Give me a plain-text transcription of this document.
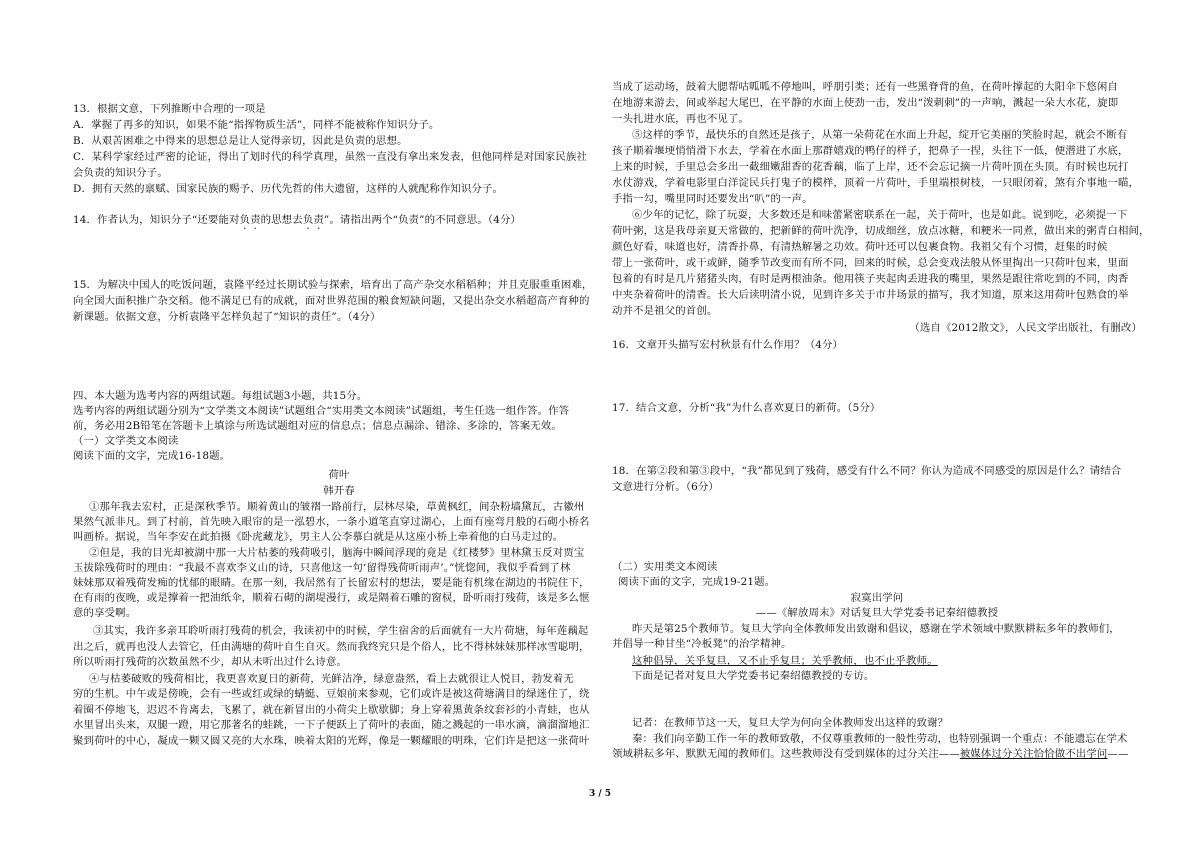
13．根据文意，下列推断中合理的一项是
A．掌握了再多的知识，如果不能“指挥物质生活”，同样不能被称作知识分子。
B．从艰苦困难之中得来的思想总是让人觉得亲切，因此是负责的思想。
C．某科学家经过严密的论证，得出了划时代的科学真理，虽然一直没有拿出来发表，但他同样是对国家民族社
会负责的知识分子。
D．拥有天然的禀赋、国家民族的赐予、历代先哲的伟大遗留，这样的人就配称作知识分子。
14．作者认为，知识分子“还要能对负责的思想去负责”。请指出两个“负责”的不同意思。（4分）
15．为解决中国人的吃饭问题，袁隆平经过长期试验与探索，培育出了高产杂交水稻稻种；并且克服重重困难，
向全国大面积推广杂交稻。他不满足已有的成就，面对世界范围的粮食短缺问题，又提出杂交水稻超高产育种的
新课题。依据文意，分析袁隆平怎样负起了“知识的责任”。（4分）
四、本大题为选考内容的两组试题。每组试题3小题，共15分。
选考内容的两组试题分别为“文学类文本阅读”试题组合“实用类文本阅读”试题组，考生任选一组作答。作答
前，务必用2B铅笔在答题卡上填涂与所选试题组对应的信息点；信息点漏涂、错涂、多涂的，答案无效。
（一）文学类文本阅读
阅读下面的文字，完成16-18题。
荷叶
韩开春
①那年我去宏村，正是深秋季节。顺着黄山的皱褶一路前行，层林尽染，草黄枫红，间杂粉墙黛瓦，古徽州
果然气派非凡。到了村前，首先映入眼帘的是一泓碧水，一条小道笔直穿过湖心，上面有座弯月般的石砌小桥名
叫画桥。据说，当年李安在此拍摄《卧虎藏龙》，男主人公李慕白就是从这座小桥上牵着他的白马走过的。
②但是，我的目光却被湖中那一大片枯萎的残荷吸引，脑海中瞬间浮现的竟是《红楼梦》里林黛玉反对贾宝
玉拔除残荷时的理由：“我最不喜欢李义山的诗，只喜他这一句‘留得残荷听雨声’。”恍惚间，我似乎看到了林
妹妹那双着残荷发痴的忧郁的眼睛。在那一刻，我居然有了长留宏村的想法，要是能有机缘在湖边的书院住下，
在有雨的夜晚，或是撑着一把油纸伞，顺着石砌的湖堤漫行，或是隔着石雕的窗棂，卧听雨打残荷，该是多么惬
意的享受啊。
③其实，我许多亲耳聆听雨打残荷的机会，我读初中的时候，学生宿舍的后面就有一大片荷塘，每年莲藕起
出之后，就再也没人去管它，任由满塘的荷叶自生自灭。然而我终究只是个俗人，比不得林妹妹那样冰雪聪明，
所以听雨打残荷的次数虽然不少，却从未听出过什么诗意。
④与枯萎破败的残荷相比，我更喜欢夏日的新荷，光鲜洁净，绿意盎然，看上去就很让人悦目，勃发着无
穷的生机。中午或是傍晚，会有一些或红或绿的蜻蜓、豆娘前来参观，它们或许是被这荷塘满目的绿迷住了，绕
着圈不停地飞，迟迟不肯离去，飞累了，就在新冒出的小荷尖上歇歇脚；身上穿着黑黄条纹套衫的小青蛙，也从
水里冒出头来，双腿一蹬，用它那著名的蛙跳，一下子便跃上了荷叶的表面，随之溅起的一串水滴，滴溜溜地汇
聚到荷叶的中心，凝成一颗又圆又亮的大水珠，映着太阳的光辉，像是一颗耀眼的明珠，它们许是把这一张荷叶
当成了运动场，鼓着大腮帮咕呱呱不停地叫，呼朋引类；还有一些黑脊背的鱼，在荷叶撑起的大阳伞下悠闲自
在地游来游去，间或举起大尾巴，在平静的水面上使劲一击，发出“泼刺刺”的一声响，溅起一朵大水花，旋即
一头扎进水底，再也不见了。
⑤这样的季节，最快乐的自然还是孩子，从第一朵荷花在水面上升起，绽开它美丽的笑脸时起，就会不断有
孩子顺着堰埂悄悄滑下水去，学着在水面上那群嬉戏的鸭仔的样子，把鼻子一捏，头往下一低，便潜进了水底，
上来的时候，手里总会多出一截细嫩甜香的花香藕，临了上岸，还不会忘记摘一片荷叶顶在头顶。有时候也玩打
水仗游戏，学着电影里白洋淀民兵打鬼子的模样，顶着一片荷叶，手里端根树枝，一只眼闭着，煞有介事地一瞄，
手指一勾，嘴里同时还要发出“叭”的一声。
⑥少年的记忆，除了玩耍，大多数还是和味蕾紧密联系在一起，关于荷叶，也是如此。说到吃，必须提一下
荷叶粥，这是我母亲夏天常做的，把新鲜的荷叶洗净，切成细丝，放点冰糖，和粳米一同煮，做出来的粥青白相间，
颜色好看，味道也好，清香扑鼻，有清热解暑之功效。荷叶还可以包裹食物。我祖父有个习惯，赶集的时候
带上一张荷叶，或干或鲜，随季节改变而有所不同，回来的时候，总会变戏法般从怀里掏出一只荷叶包来，里面
包着的有时是几片猪猪头肉，有时是两根油条。他用筷子夹起肉丢进我的嘴里，果然是跟往常吃到的不同，肉香
中夹杂着荷叶的清香。长大后读明清小说，见到许多关于市井场景的描写，我才知道，原来这用荷叶包熟食的举
动并不是祖父的首创。
（选自《2012散文》，人民文学出版社，有删改）
16．文章开头描写宏村秋景有什么作用？（4分）
17．结合文意，分析“我”为什么喜欢夏日的新荷。（5分）
18．在第②段和第③段中，“我”都见到了残荷，感受有什么不同？你认为造成不同感受的原因是什么？请结合
文意进行分析。（6分）
（二）实用类文本阅读
阅读下面的文字，完成19-21题。
寂寞出学问
——《解放周末》对话复旦大学党委书记秦绍德教授
昨天是第25个教师节。复旦大学向全体教师发出致谢和倡议，感谢在学术领域中默默耕耘多年的教师们，
并倡导一种甘坐“冷板凳”的治学精神。
这种倡导，关乎复旦，又不止乎复旦；关乎教师，也不止乎教师。
下面是记者对复旦大学党委书记秦绍德教授的专访。
记者：在教师节这一天，复旦大学为何向全体教师发出这样的致谢？
秦：我们向辛勤工作一年的教师致敬，不仅尊重教师的一般性劳动，也特别强调一个重点：不能遗忘在学术
领域耕耘多年、默默无闻的教师们。这些教师没有受到媒体的过分关注——被媒体过分关注恰恰做不出学问——
3 / 5
